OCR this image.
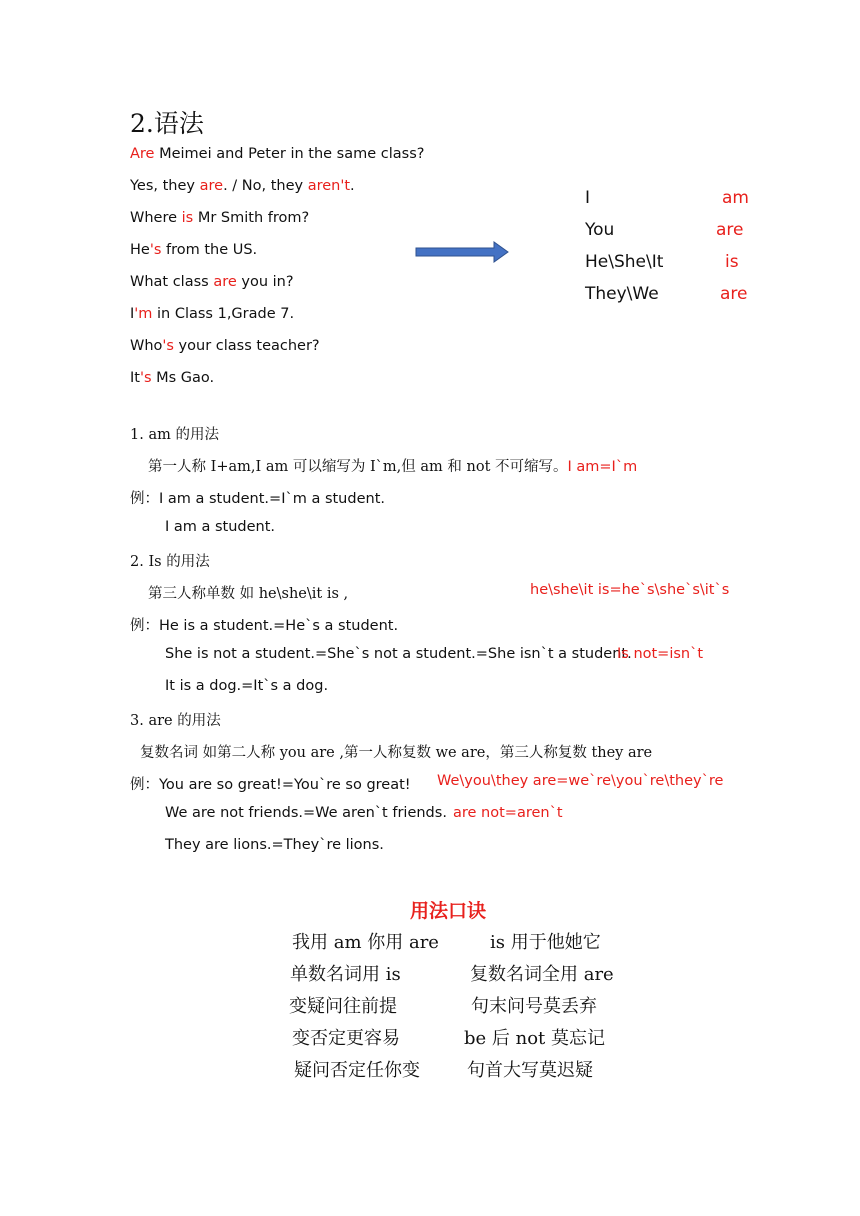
2.语法
Are Meimei and Peter in the same class?
Yes, they are. / No, they aren't.
Where is Mr Smith from?
He's from the US.
What class are you in?
I'm in Class 1,Grade 7.
Who's your class teacher?
It's Ms Gao.
I	am
You	are
He\She\It	is
They\We	are
1. am 的用法
第一人称 I+am,I am 可以缩写为 I`m,但 am 和 not 不可缩写。I am=I`m
例：I am a student.=I`m a student.
I am a student.
2. Is 的用法
第三人称单数 如 he\she\it is ,	he\she\it is=he`s\she`s\it`s
例：He is a student.=He`s a student.
She is not a student.=She`s not a student.=She isn`t a student.
Is not=isn`t
It is a dog.=It`s a dog.
3. are 的用法
复数名词 如第二人称 you are ,第一人称复数 we are，第三人称复数 they are
例：You are so great!=You`re so great! We\you\they are=we`re\you`re\they`re
We are not friends.=We aren`t friends. are not=aren`t
They are lions.=They`re lions.
用法口诀
我用 am 你用 are	is 用于他她它
单数名词用 is	复数名词全用 are
变疑问往前提	句末问号莫丢弃
变否定更容易	be 后 not 莫忘记
疑问否定任你变	句首大写莫迟疑
